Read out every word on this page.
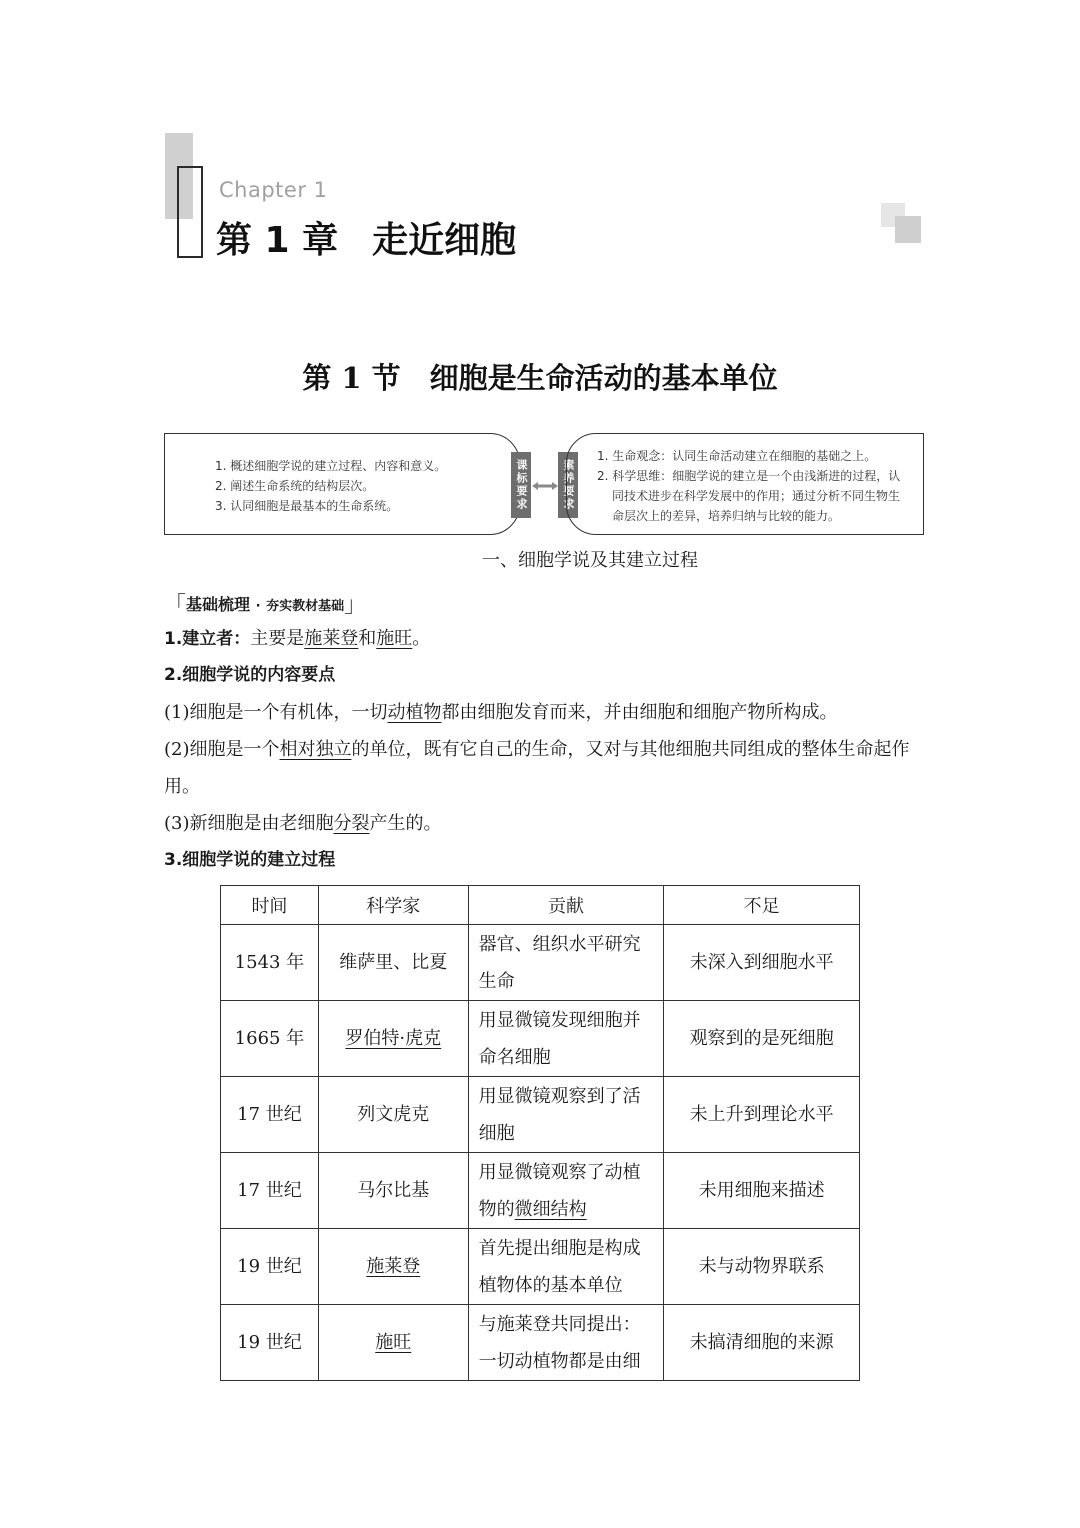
Chapter 1
第 1 章 走近细胞
第 1 节　细胞是生命活动的基本单位
1. 概述细胞学说的建立过程、内容和意义。
2. 阐述生命系统的结构层次。
3. 认同细胞是最基本的生命系统。	课标要求	素养要求
1. 生命观念：认同生命活动建立在细胞的基础之上。
2. 科学思维：细胞学说的建立是一个由浅渐进的过程，认同技术进步在科学发展中的作用；通过分析不同生物生命层次上的差异，培养归纳与比较的能力。
一、细胞学说及其建立过程
「基础梳理 · 夯实教材基础」
1.建立者：主要是施莱登和施旺。
2.细胞学说的内容要点
(1)细胞是一个有机体，一切动植物都由细胞发育而来，并由细胞和细胞产物所构成。
(2)细胞是一个相对独立的单位，既有它自己的生命，又对与其他细胞共同组成的整体生命起作用。
(3)新细胞是由老细胞分裂产生的。
3.细胞学说的建立过程
时间	科学家	贡献	不足
1543 年	维萨里、比夏	器官、组织水平研究生命	未深入到细胞水平
1665 年	罗伯特·虎克	用显微镜发现细胞并命名细胞	观察到的是死细胞
17 世纪	列文虎克	用显微镜观察到了活细胞	未上升到理论水平
17 世纪	马尔比基	用显微镜观察了动植物的微细结构	未用细胞来描述
19 世纪	施莱登	首先提出细胞是构成植物体的基本单位	未与动物界联系
19 世纪	施旺	与施莱登共同提出：一切动植物都是由细	未搞清细胞的来源
